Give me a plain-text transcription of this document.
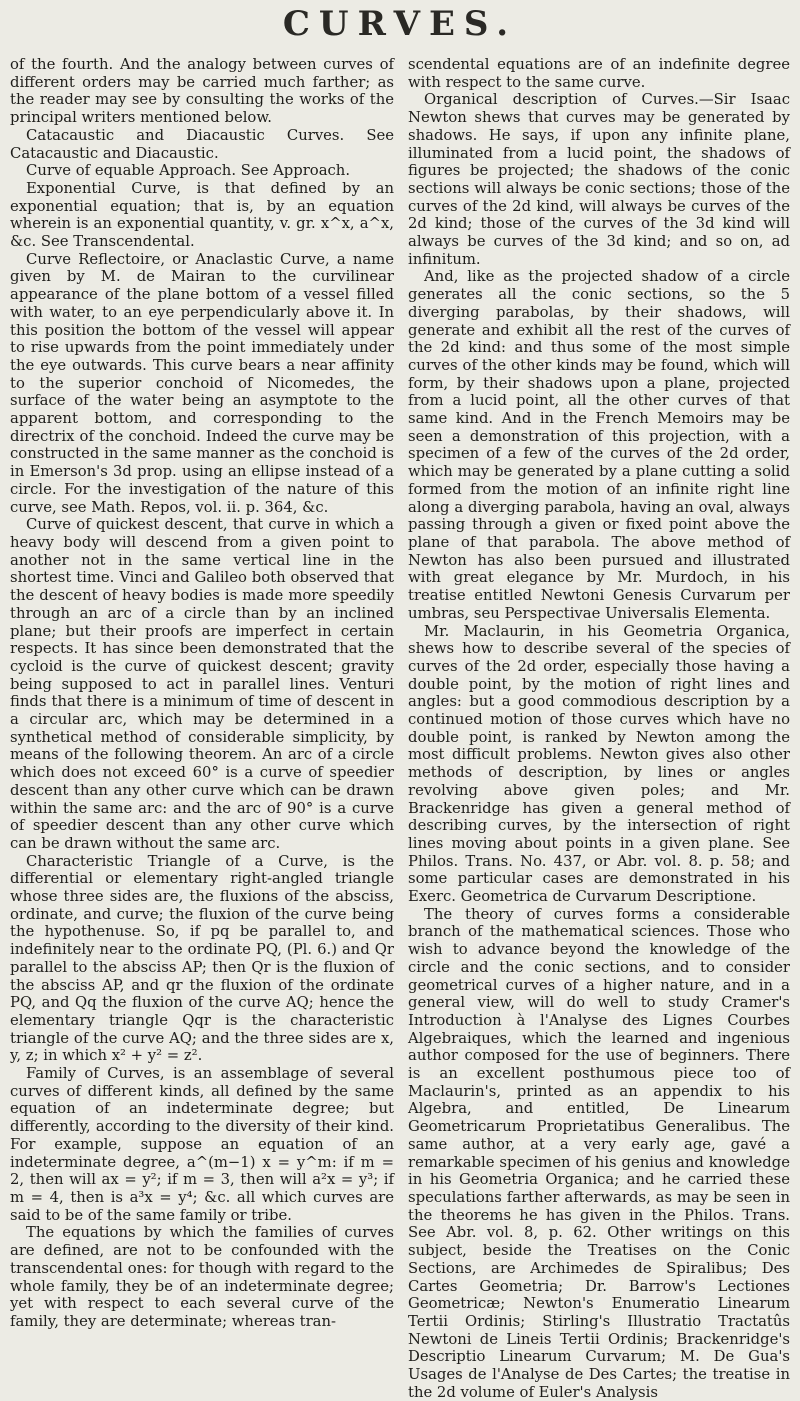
CURVES.

of the fourth. And the analogy between curves of different orders may be carried much farther; as the reader may see by consulting the works of the principal writers mentioned below.

Catacaustic and Diacaustic Curves. See Catacaustic and Diacaustic.

Curve of equable Approach. See Approach.

Exponential Curve, is that defined by an exponential equation; that is, by an equation wherein is an exponential quantity, v. gr. x^x, a^x, &c. See Transcendental.

Curve Reflectoire, or Anaclastic Curve, a name given by M. de Mairan to the curvilinear appearance of the plane bottom of a vessel filled with water, to an eye perpendicularly above it. In this position the bottom of the vessel will appear to rise upwards from the point immediately under the eye outwards. This curve bears a near affinity to the superior conchoid of Nicomedes, the surface of the water being an asymptote to the apparent bottom, and corresponding to the directrix of the conchoid. Indeed the curve may be constructed in the same manner as the conchoid is in Emerson's 3d prop. using an ellipse instead of a circle. For the investigation of the nature of this curve, see Math. Repos, vol. ii. p. 364, &c.

Curve of quickest descent, that curve in which a heavy body will descend from a given point to another not in the same vertical line in the shortest time. Vinci and Galileo both observed that the descent of heavy bodies is made more speedily through an arc of a circle than by an inclined plane; but their proofs are imperfect in certain respects. It has since been demonstrated that the cycloid is the curve of quickest descent; gravity being supposed to act in parallel lines. Venturi finds that there is a minimum of time of descent in a circular arc, which may be determined in a synthetical method of considerable simplicity, by means of the following theorem. An arc of a circle which does not exceed 60° is a curve of speedier descent than any other curve which can be drawn within the same arc: and the arc of 90° is a curve of speedier descent than any other curve which can be drawn without the same arc.

Characteristic Triangle of a Curve, is the differential or elementary right-angled triangle whose three sides are, the fluxions of the absciss, ordinate, and curve; the fluxion of the curve being the hypothenuse. So, if pq be parallel to, and indefinitely near to the ordinate PQ, (Pl. 6.) and Qr parallel to the absciss AP; then Qr is the fluxion of the absciss AP, and qr the fluxion of the ordinate PQ, and Qq the fluxion of the curve AQ; hence the elementary triangle Qqr is the characteristic triangle of the curve AQ; and the three sides are x, y, z; in which x² + y² = z².

Family of Curves, is an assemblage of several curves of different kinds, all defined by the same equation of an indeterminate degree; but differently, according to the diversity of their kind. For example, suppose an equation of an indeterminate degree, a^(m−1) x = y^m: if m = 2, then will ax = y²; if m = 3, then will a²x = y³; if m = 4, then is a³x = y⁴; &c. all which curves are said to be of the same family or tribe.

The equations by which the families of curves are defined, are not to be confounded with the transcendental ones: for though with regard to the whole family, they be of an indeterminate degree; yet with respect to each several curve of the family, they are determinate; whereas tran-

scendental equations are of an indefinite degree with respect to the same curve.

Organical description of Curves.—Sir Isaac Newton shews that curves may be generated by shadows. He says, if upon any infinite plane, illuminated from a lucid point, the shadows of figures be projected; the shadows of the conic sections will always be conic sections; those of the curves of the 2d kind, will always be curves of the 2d kind; those of the curves of the 3d kind will always be curves of the 3d kind; and so on, ad infinitum.

And, like as the projected shadow of a circle generates all the conic sections, so the 5 diverging parabolas, by their shadows, will generate and exhibit all the rest of the curves of the 2d kind: and thus some of the most simple curves of the other kinds may be found, which will form, by their shadows upon a plane, projected from a lucid point, all the other curves of that same kind. And in the French Memoirs may be seen a demonstration of this projection, with a specimen of a few of the curves of the 2d order, which may be generated by a plane cutting a solid formed from the motion of an infinite right line along a diverging parabola, having an oval, always passing through a given or fixed point above the plane of that parabola. The above method of Newton has also been pursued and illustrated with great elegance by Mr. Murdoch, in his treatise entitled Newtoni Genesis Curvarum per umbras, seu Perspectivae Universalis Elementa.

Mr. Maclaurin, in his Geometria Organica, shews how to describe several of the species of curves of the 2d order, especially those having a double point, by the motion of right lines and angles: but a good commodious description by a continued motion of those curves which have no double point, is ranked by Newton among the most difficult problems. Newton gives also other methods of description, by lines or angles revolving above given poles; and Mr. Brackenridge has given a general method of describing curves, by the intersection of right lines moving about points in a given plane. See Philos. Trans. No. 437, or Abr. vol. 8. p. 58; and some particular cases are demonstrated in his Exerc. Geometrica de Curvarum Descriptione.

The theory of curves forms a considerable branch of the mathematical sciences. Those who wish to advance beyond the knowledge of the circle and the conic sections, and to consider geometrical curves of a higher nature, and in a general view, will do well to study Cramer's Introduction à l'Analyse des Lignes Courbes Algebraiques, which the learned and ingenious author composed for the use of beginners. There is an excellent posthumous piece too of Maclaurin's, printed as an appendix to his Algebra, and entitled, De Linearum Geometricarum Proprietatibus Generalibus. The same author, at a very early age, gavé a remarkable specimen of his genius and knowledge in his Geometria Organica; and he carried these speculations farther afterwards, as may be seen in the theorems he has given in the Philos. Trans. See Abr. vol. 8, p. 62. Other writings on this subject, beside the Treatises on the Conic Sections, are Archimedes de Spiralibus; Des Cartes Geometria; Dr. Barrow's Lectiones Geometricæ; Newton's Enumeratio Linearum Tertii Ordinis; Stirling's Illustratio Tractatûs Newtoni de Lineis Tertii Ordinis; Brackenridge's Descriptio Linearum Curvarum; M. De Gua's Usages de l'Analyse de Des Cartes; the treatise in the 2d volume of Euler's Analysis
